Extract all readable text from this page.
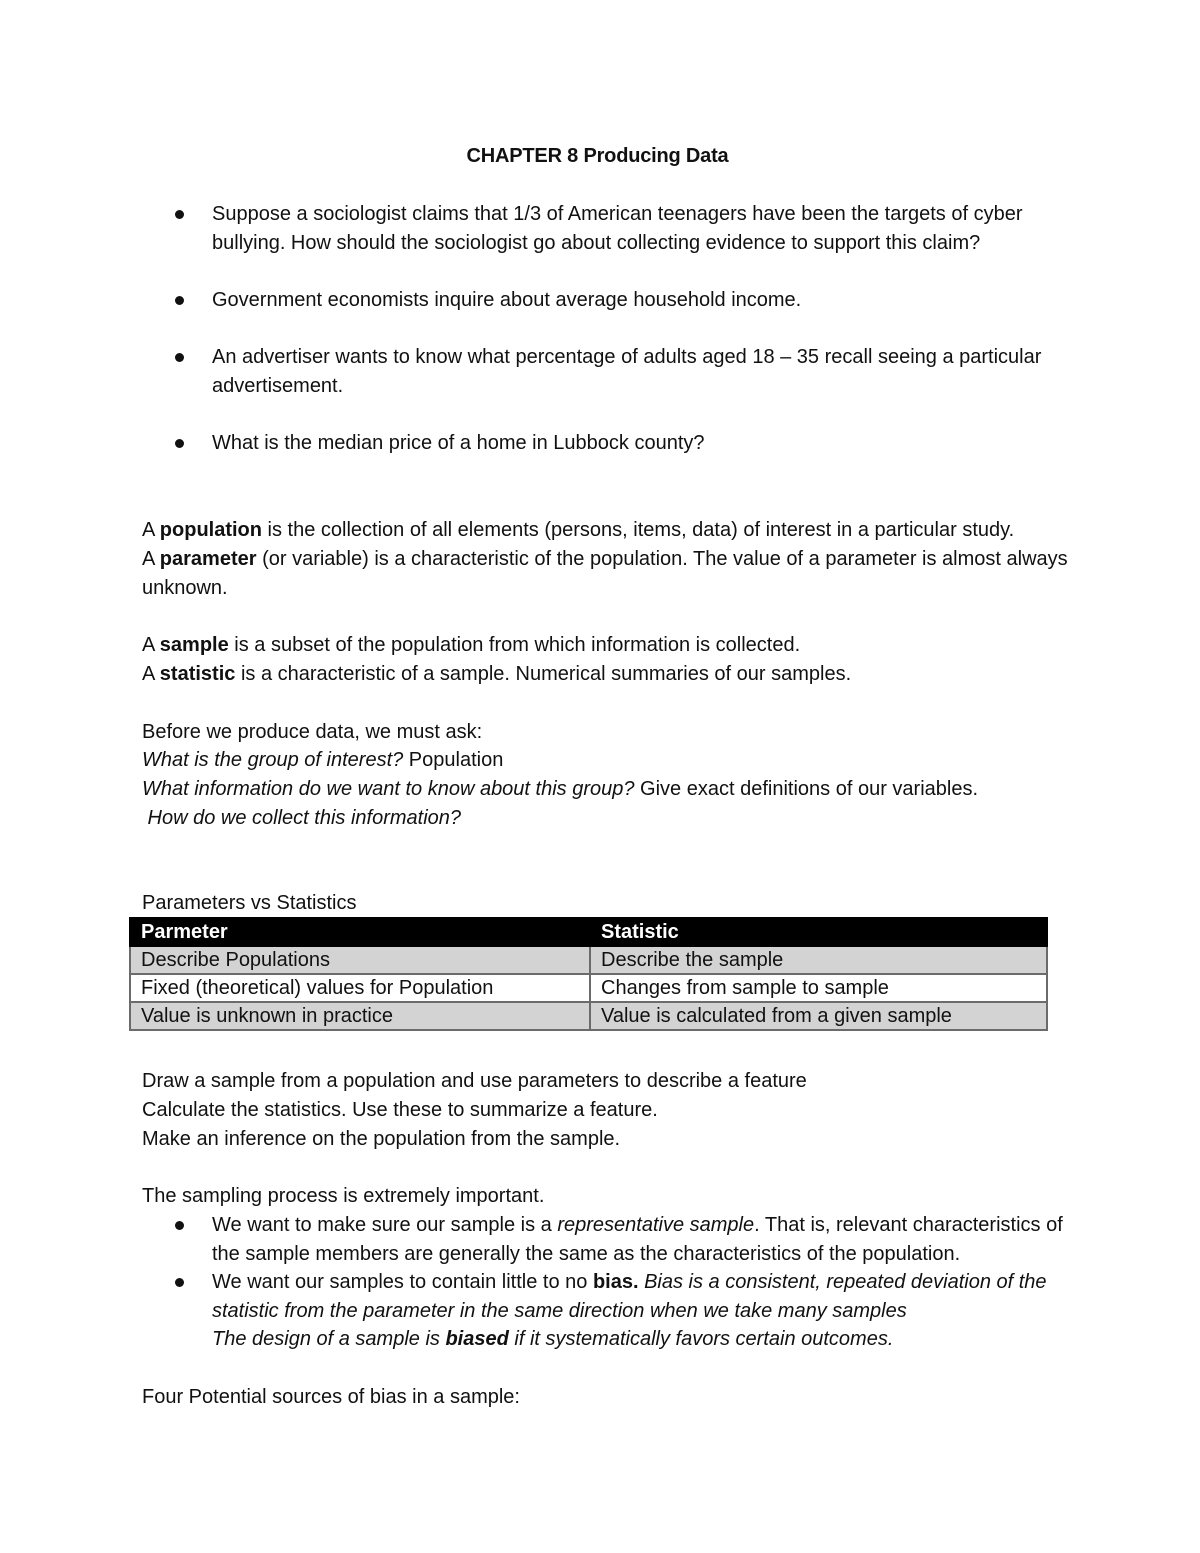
CHAPTER 8 Producing Data
Suppose a sociologist claims that 1/3 of American teenagers have been the targets of cyber bullying. How should the sociologist go about collecting evidence to support this claim?
Government economists inquire about average household income.
An advertiser wants to know what percentage of adults aged 18 – 35 recall seeing a particular advertisement.
What is the median price of a home in Lubbock county?

A population is the collection of all elements (persons, items, data) of interest in a particular study.

A parameter (or variable) is a characteristic of the population. The value of a parameter is almost always unknown.

A sample is a subset of the population from which information is collected.

A statistic is a characteristic of a sample. Numerical summaries of our samples.

Before we produce data, we must ask:

What is the group of interest? Population

What information do we want to know about this group? Give exact definitions of our variables.

How do we collect this information?

Parameters vs Statistics
Parmeter	Statistic
Describe Populations	Describe the sample
Fixed (theoretical) values for Population	Changes from sample to sample
Value is unknown in practice	Value is calculated from a given sample

Draw a sample from a population and use parameters to describe a feature

Calculate the statistics. Use these to summarize a feature.

Make an inference on the population from the sample.

The sampling process is extremely important.

We want to make sure our sample is a representative sample. That is, relevant characteristics of the sample members are generally the same as the characteristics of the population.
We want our samples to contain little to no bias. Bias is a consistent, repeated deviation of the statistic from the parameter in the same direction when we take many samples
The design of a sample is biased if it systematically favors certain outcomes.
Four Potential sources of bias in a sample:
